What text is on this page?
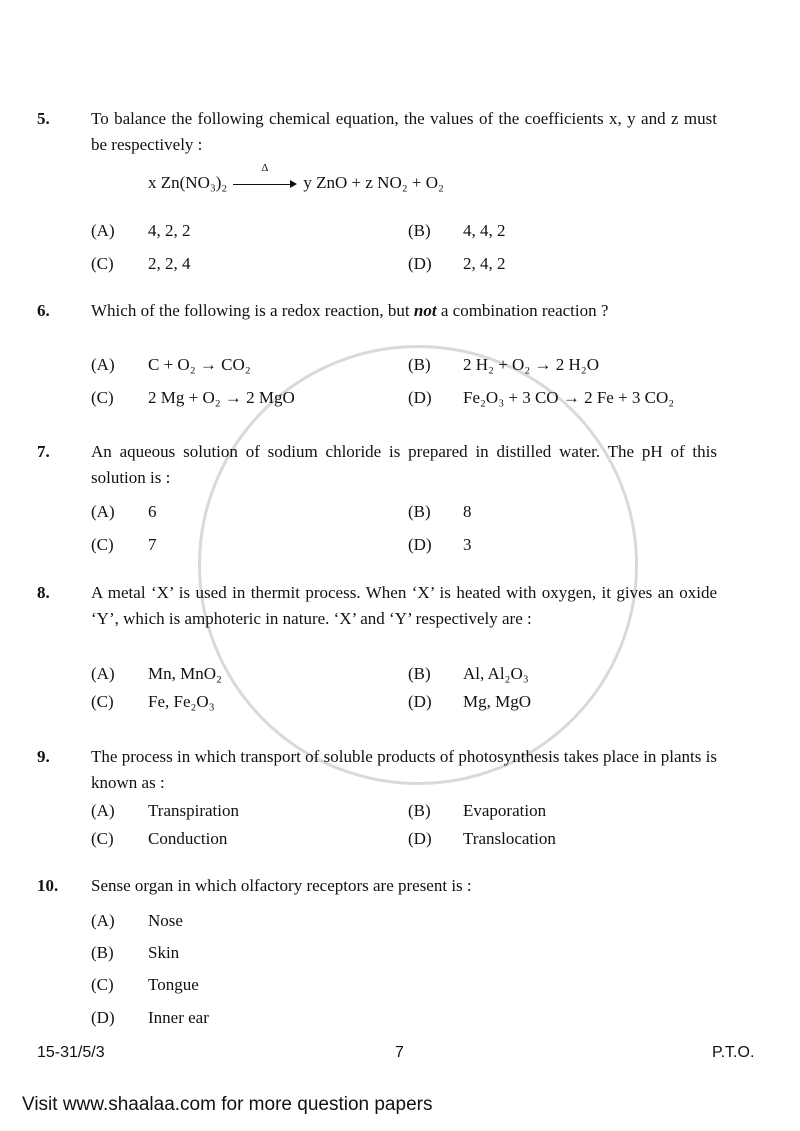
5. To balance the following chemical equation, the values of the coefficients x, y and z must be respectively :
x Zn(NO₃)₂
Δ
y ZnO + z NO₂ + O₂
6. Which of the following is a redox reaction, but not a combination reaction ?
7. An aqueous solution of sodium chloride is prepared in distilled water. The pH of this solution is :
8. A metal ‘X’ is used in thermit process. When ‘X’ is heated with oxygen, it gives an oxide ‘Y’, which is amphoteric in nature. ‘X’ and ‘Y’ respectively are :
9. The process in which transport of soluble products of photosynthesis takes place in plants is known as :
10. Sense organ in which olfactory receptors are present is :
(A) 4, 2, 2	(B) 4, 4, 2
(C) 2, 2, 4	(D) 2, 4, 2
(A) C + O₂ → CO₂	(B) 2 H₂ + O₂ → 2 H₂O
(C) 2 Mg + O₂ → 2 MgO	(D) Fe₂O₃ + 3 CO → 2 Fe + 3 CO₂
(A) 6	(B) 8
(C) 7	(D) 3
(A) Mn, MnO₂	(B) Al, Al₂O₃
(C) Fe, Fe₂O₃	(D) Mg, MgO
(A) Transpiration	(B) Evaporation
(C) Conduction	(D) Translocation
(A) Nose
(B) Skin
(C) Tongue
(D) Inner ear
15-31/5/3	7	P.T.O.
Visit www.shaalaa.com for more question papers
